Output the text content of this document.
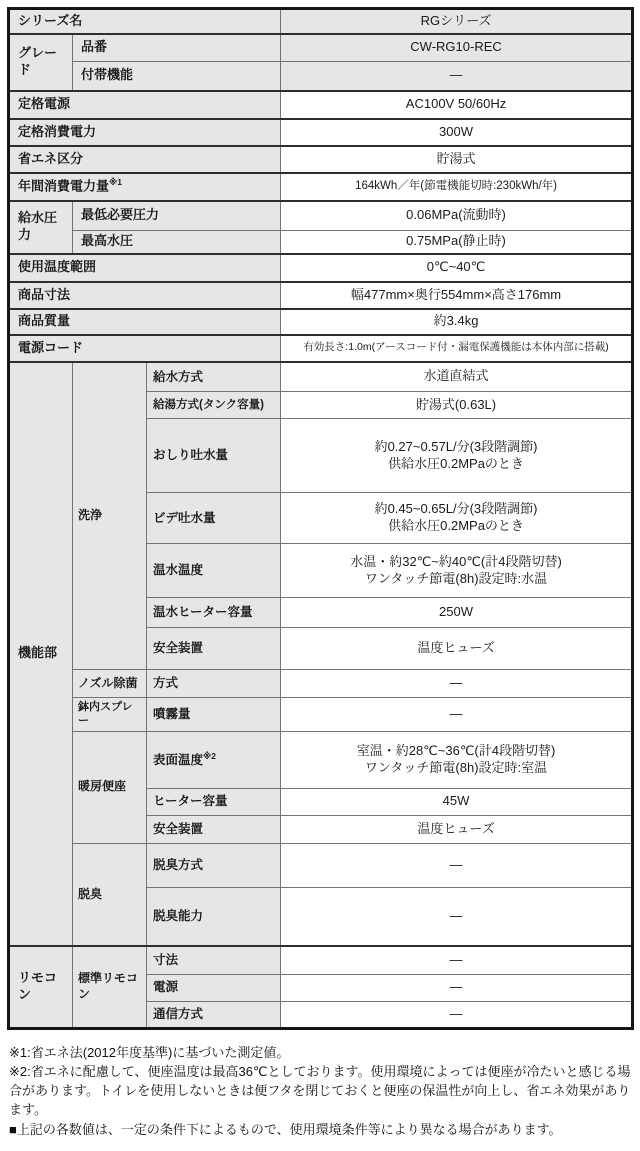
シリーズ名			RGシリーズ
グレード	品番		CW-RG10-REC
	付帯機能		—
定格電源			AC100V 50/60Hz
定格消費電力			300W
省エネ区分			貯湯式
年間消費電力量$^{※1}$			164kWh／年(節電機能切時:230kWh/年)
給水圧力	最低必要圧力		0.06MPa(流動時)
	最高水圧		0.75MPa(静止時)
使用温度範囲			0℃~40℃
商品寸法			幅477mm×奥行554mm×高さ176mm
商品質量			約3.4kg
電源コード			有効長さ:1.0m(アースコード付・漏電保護機能は本体内部に搭載)
機能部	洗浄	給水方式	水道直結式
		給湯方式(タンク容量)	貯湯式(0.63L)
		おしり吐水量	約0.27~0.57L/分(3段階調節)
供給水圧0.2MPaのとき

		ビデ吐水量	約0.45~0.65L/分(3段階調節)
供給水圧0.2MPaのとき

		温水温度	水温・約32℃~約40℃(計4段階切替)
ワンタッチ節電(8h)設定時:水温

		温水ヒーター容量	250W
		安全装置	温度ヒューズ
	ノズル除菌	方式	—
	鉢内スプレー	噴霧量	—
	暖房便座	表面温度$^{※2}$	室温・約28℃~36℃(計4段階切替)
ワンタッチ節電(8h)設定時:室温

		ヒーター容量	45W
		安全装置	温度ヒューズ
	脱臭	脱臭方式	—
		脱臭能力	—
リモコン	標準リモコン	寸法	—
		電源	—
		通信方式	—

※1:省エネ法(2012年度基準)に基づいた測定値。

※2:省エネに配慮して、便座温度は最高36℃としております。使用環境によっては便座が冷たいと感じる場合があります。トイレを使用しないときは便フタを閉じておくと便座の保温性が向上し、省エネ効果があります。

■上記の各数値は、一定の条件下によるもので、使用環境条件等により異なる場合があります。
